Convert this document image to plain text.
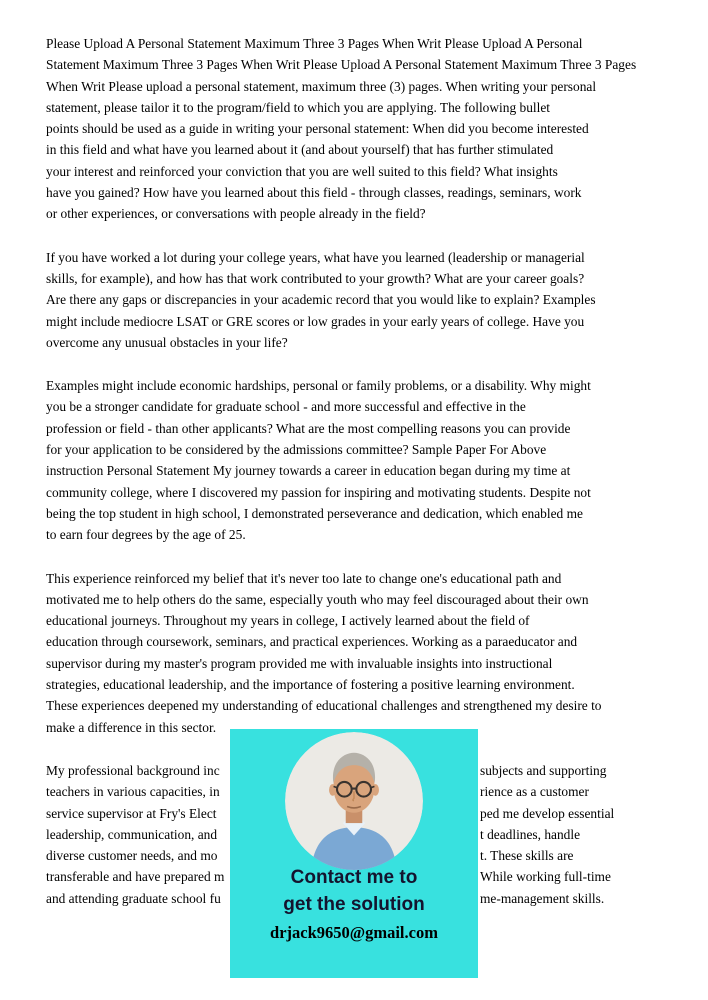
Please Upload A Personal Statement Maximum Three 3 Pages When Writ Please Upload A Personal
Statement Maximum Three 3 Pages When Writ Please Upload A Personal Statement Maximum Three 3 Pages
When Writ Please upload a personal statement, maximum three (3) pages. When writing your personal
statement, please tailor it to the program/field to which you are applying. The following bullet
points should be used as a guide in writing your personal statement: When did you become interested
in this field and what have you learned about it (and about yourself) that has further stimulated
your interest and reinforced your conviction that you are well suited to this field? What insights
have you gained? How have you learned about this field - through classes, readings, seminars, work
or other experiences, or conversations with people already in the field?
If you have worked a lot during your college years, what have you learned (leadership or managerial
skills, for example), and how has that work contributed to your growth? What are your career goals?
Are there any gaps or discrepancies in your academic record that you would like to explain? Examples
might include mediocre LSAT or GRE scores or low grades in your early years of college. Have you
overcome any unusual obstacles in your life?
Examples might include economic hardships, personal or family problems, or a disability. Why might
you be a stronger candidate for graduate school - and more successful and effective in the
profession or field - than other applicants? What are the most compelling reasons you can provide
for your application to be considered by the admissions committee? Sample Paper For Above
instruction Personal Statement My journey towards a career in education began during my time at
community college, where I discovered my passion for inspiring and motivating students. Despite not
being the top student in high school, I demonstrated perseverance and dedication, which enabled me
to earn four degrees by the age of 25.
This experience reinforced my belief that it's never too late to change one's educational path and
motivated me to help others do the same, especially youth who may feel discouraged about their own
educational journeys. Throughout my years in college, I actively learned about the field of
education through coursework, seminars, and practical experiences. Working as a paraeducator and
supervisor during my master's program provided me with invaluable insights into instructional
strategies, educational leadership, and the importance of fostering a positive learning environment.
These experiences deepened my understanding of educational challenges and strengthened my desire to
make a difference in this sector.
My professional background inc	subjects and supporting
teachers in various capacities, in	rience as a customer
service supervisor at Fry's Elect	ped me develop essential
leadership, communication, and	t deadlines, handle
diverse customer needs, and mo	t. These skills are
transferable and have prepared m	While working full-time
and attending graduate school fu	me-management skills.
Contact me to
get the solution
drjack9650@gmail.com
